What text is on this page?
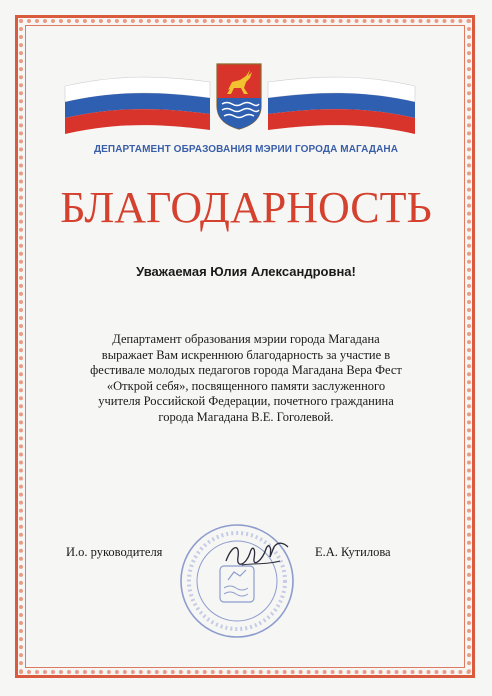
ДЕПАРТАМЕНТ ОБРАЗОВАНИЯ МЭРИИ ГОРОДА МАГАДАНА
БЛАГОДАРНОСТЬ
Уважаемая Юлия Александровна!
Департамент образования мэрии города Магадана
выражает Вам искреннюю благодарность за участие в
фестивале молодых педагогов города Магадана Вера Фест
«Открой себя», посвященного памяти заслуженного
учителя Российской Федерации, почетного гражданина
города Магадана В.Е. Гоголевой.
И.о. руководителя	Е.А. Кутилова
